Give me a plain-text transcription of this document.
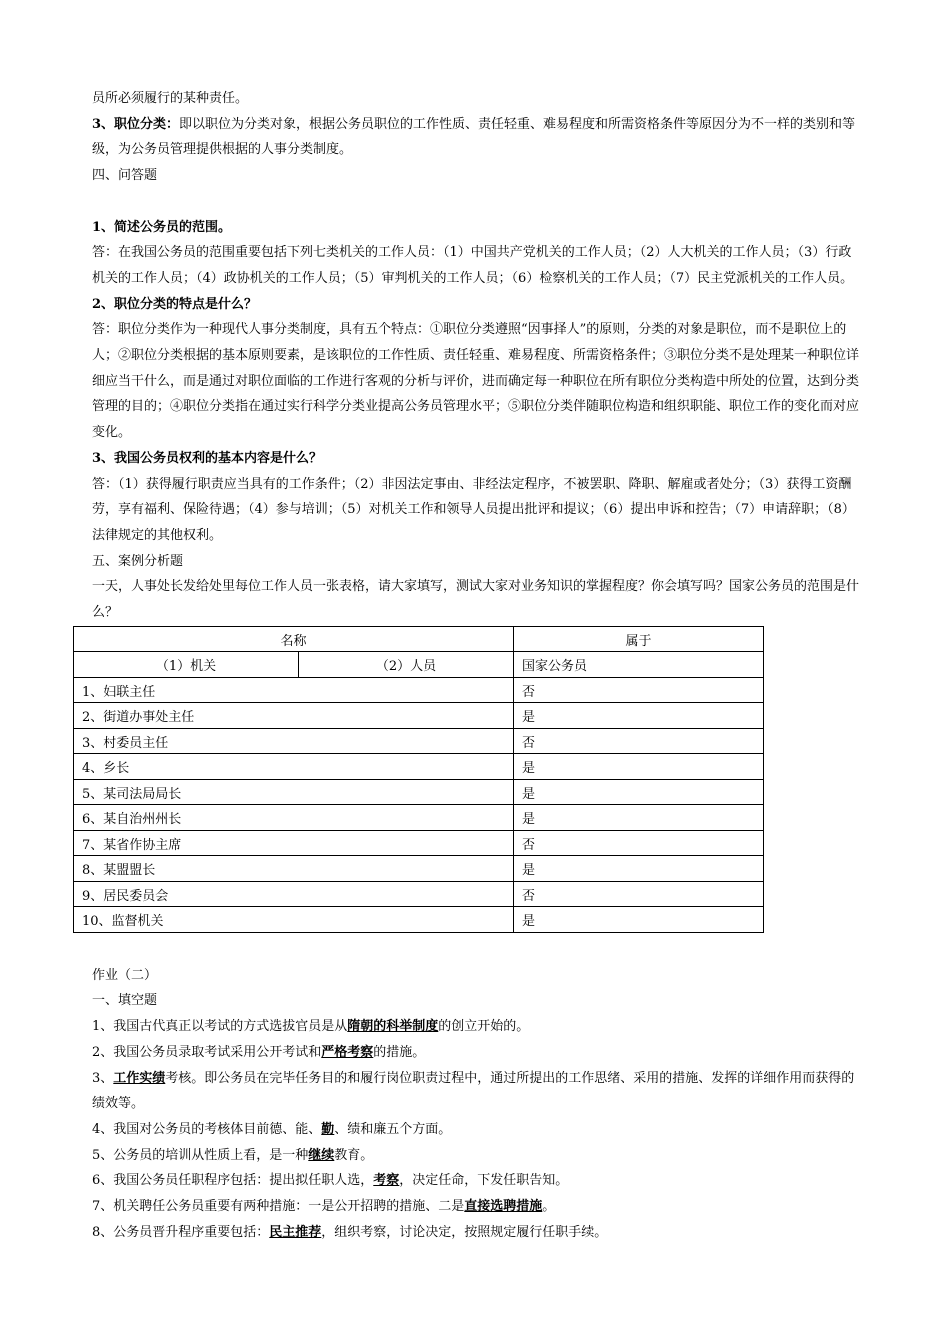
员所必须履行的某种责任。

3、职位分类：即以职位为分类对象，根据公务员职位的工作性质、责任轻重、难易程度和所需资格条件等原因分为不一样的类别和等级，为公务员管理提供根据的人事分类制度。

四、问答题

1、简述公务员的范围。

答：在我国公务员的范围重要包括下列七类机关的工作人员：（1）中国共产党机关的工作人员；（2）人大机关的工作人员；（3）行政机关的工作人员；（4）政协机关的工作人员；（5）审判机关的工作人员；（6）检察机关的工作人员；（7）民主党派机关的工作人员。

2、职位分类的特点是什么？

答：职位分类作为一种现代人事分类制度，具有五个特点：①职位分类遵照“因事择人”的原则，分类的对象是职位，而不是职位上的人；②职位分类根据的基本原则要素，是该职位的工作性质、责任轻重、难易程度、所需资格条件；③职位分类不是处理某一种职位详细应当干什么，而是通过对职位面临的工作进行客观的分析与评价，进而确定每一种职位在所有职位分类构造中所处的位置，达到分类管理的目的；④职位分类指在通过实行科学分类业提高公务员管理水平；⑤职位分类伴随职位构造和组织职能、职位工作的变化而对应变化。

3、我国公务员权利的基本内容是什么？

答：（1）获得履行职责应当具有的工作条件；（2）非因法定事由、非经法定程序，不被罢职、降职、解雇或者处分；（3）获得工资酬劳，享有福利、保险待遇；（4）参与培训；（5）对机关工作和领导人员提出批评和提议；（6）提出申诉和控告；（7）申请辞职；（8）法律规定的其他权利。

五、案例分析题

一天，人事处长发给处里每位工作人员一张表格，请大家填写，测试大家对业务知识的掌握程度？你会填写吗？国家公务员的范围是什么？

名称		属于
（1）机关	（2）人员	国家公务员
1、妇联主任		否
2、街道办事处主任		是
3、村委员主任		否
4、乡长		是
5、某司法局局长		是
6、某自治州州长		是
7、某省作协主席		否
8、某盟盟长		是
9、居民委员会		否
10、监督机关		是

作业（二）

一、填空题

1、我国古代真正以考试的方式选拔官员是从隋朝的科举制度的创立开始的。

2、我国公务员录取考试采用公开考试和严格考察的措施。

3、工作实绩考核。即公务员在完毕任务目的和履行岗位职责过程中，通过所提出的工作思绪、采用的措施、发挥的详细作用而获得的绩效等。

4、我国对公务员的考核体目前德、能、勤、绩和廉五个方面。

5、公务员的培训从性质上看，是一种继续教育。

6、我国公务员任职程序包括：提出拟任职人选，考察，决定任命，下发任职告知。

7、机关聘任公务员重要有两种措施：一是公开招聘的措施、二是直接选聘措施。

8、公务员晋升程序重要包括：民主推荐，组织考察，讨论决定，按照规定履行任职手续。
